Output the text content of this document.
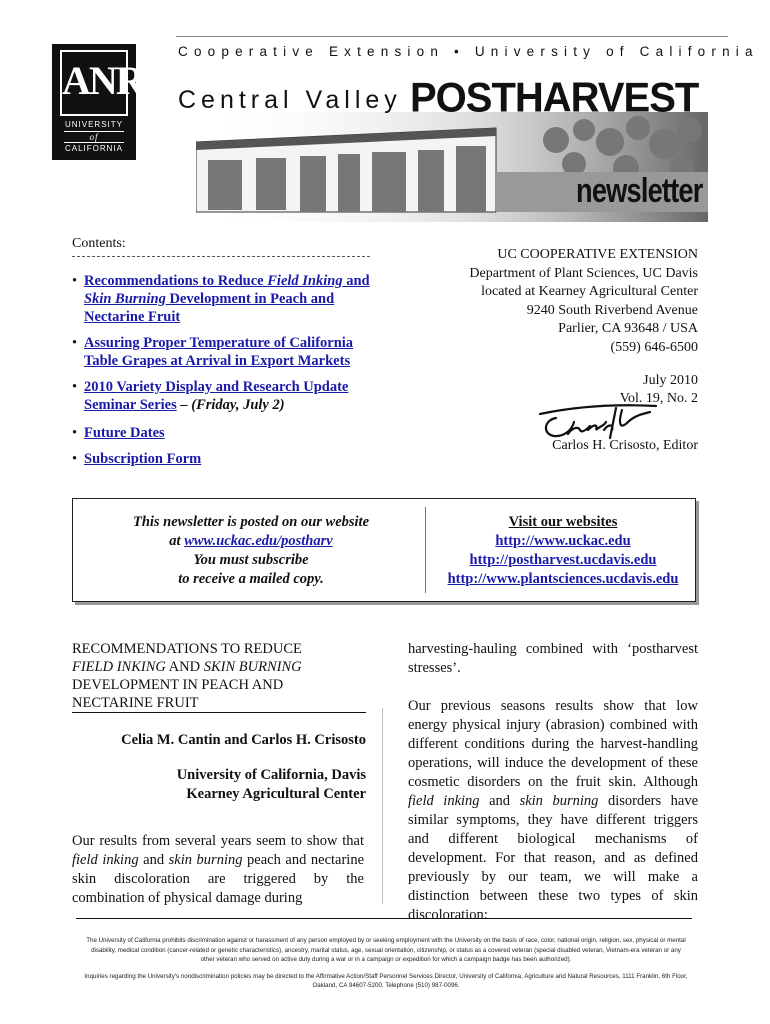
ANR
UNIVERSITY
of
CALIFORNIA
Cooperative Extension • University of California
Central Valley POSTHARVEST
newsletter
Contents:
• Recommendations to Reduce Field Inking and Skin Burning Development in Peach and Nectarine Fruit
• Assuring Proper Temperature of California Table Grapes at Arrival in Export Markets
• 2010 Variety Display and Research Update Seminar Series – (Friday, July 2)
• Future Dates
• Subscription Form
UC COOPERATIVE EXTENSION
Department of Plant Sciences, UC Davis
located at Kearney Agricultural Center
9240 South Riverbend Avenue
Parlier, CA 93648 / USA
(559) 646-6500
July 2010
Vol. 19, No. 2
Carlos H. Crisosto, Editor
This newsletter is posted on our website
at www.uckac.edu/postharv
You must subscribe
to receive a mailed copy.
Visit our websites
http://www.uckac.edu
http://postharvest.ucdavis.edu
http://www.plantsciences.ucdavis.edu
RECOMMENDATIONS TO REDUCE
FIELD INKING AND SKIN BURNING
DEVELOPMENT IN PEACH AND
NECTARINE FRUIT
Celia M. Cantin and Carlos H. Crisosto
University of California, Davis
Kearney Agricultural Center
Our results from several years seem to show that field inking and skin burning peach and nectarine skin discoloration are triggered by the combination of physical damage during

harvesting-hauling combined with ‘postharvest stresses’.

Our previous seasons results show that low energy physical injury (abrasion) combined with different conditions during the harvest-handling operations, will induce the development of these cosmetic disorders on the fruit skin. Although field inking and skin burning disorders have similar symptoms, they have different triggers and different biological mechanisms of development. For that reason, and as defined previously by our team, we will make a distinction between these two types of skin discoloration:

The University of California prohibits discrimination against or harassment of any person employed by or seeking employment with the University on the basis of race, color, national origin, religion, sex, physical or mental disability, medical condition (cancer-related or genetic characteristics), ancestry, marital status, age, sexual orientation, citizenship, or status as a covered veteran (special disabled veteran, Vietnam-era veteran or any other veteran who served on active duty during a war or in a campaign or expedition for which a campaign badge has been authorized).

Inquiries regarding the University's nondiscrimination policies may be directed to the Affirmative Action/Staff Personnel Services Director, University of California, Agriculture and Natural Resources, 1111 Franklin, 6th Floor, Oakland, CA 94607-5200. Telephone (510) 987-0096.
